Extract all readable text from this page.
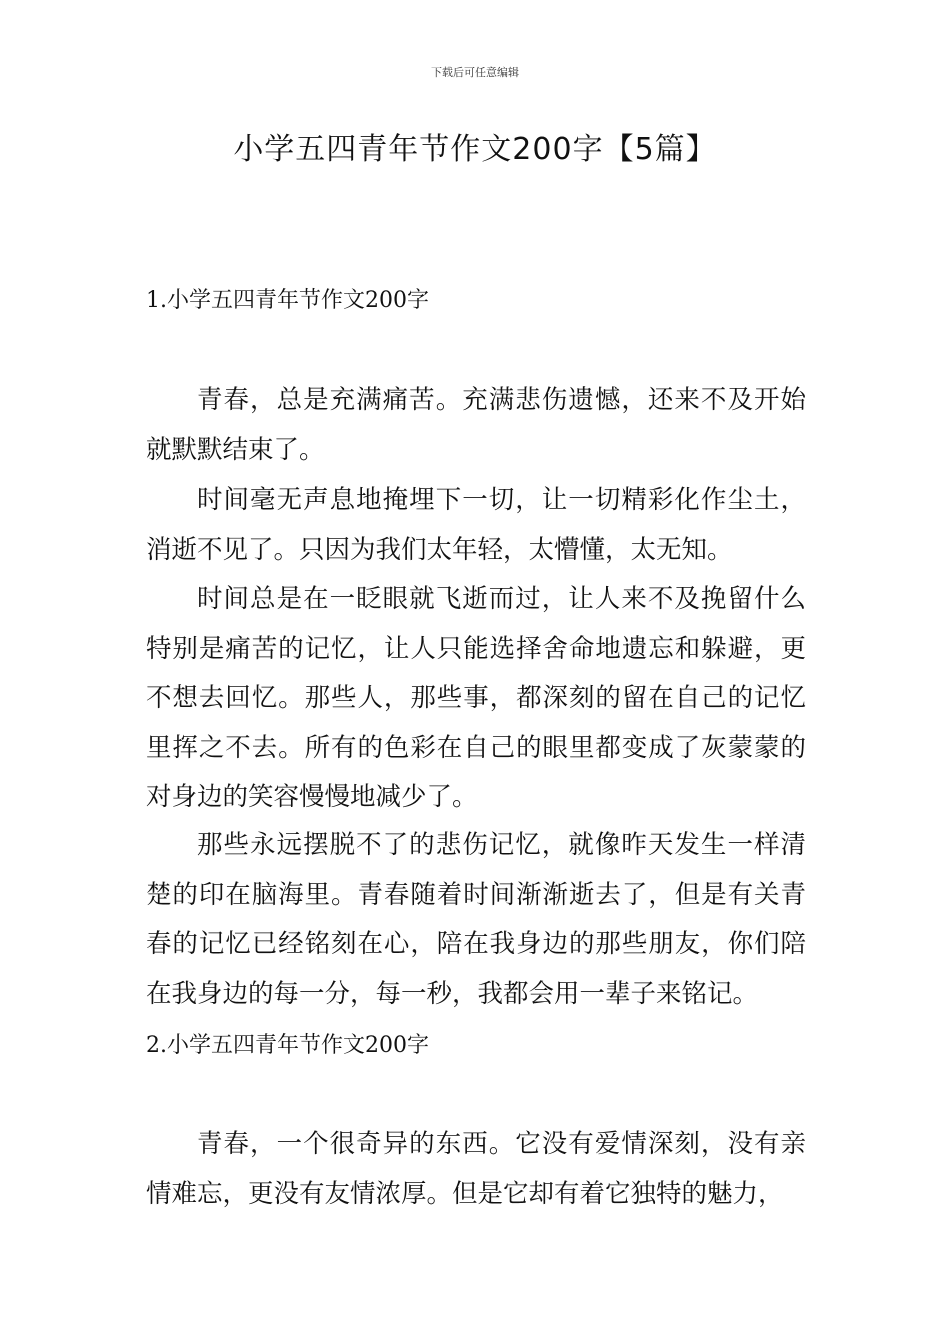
下载后可任意编辑
小学五四青年节作文200字【5篇】
1.小学五四青年节作文200字

青春，总是充满痛苦。充满悲伤遗憾，还来不及开始就默默结束了。

时间毫无声息地掩埋下一切，让一切精彩化作尘土，消逝不见了。只因为我们太年轻，太懵懂，太无知。

时间总是在一眨眼就飞逝而过，让人来不及挽留什么特别是痛苦的记忆，让人只能选择舍命地遗忘和躲避，更不想去回忆。那些人，那些事，都深刻的留在自己的记忆里挥之不去。所有的色彩在自己的眼里都变成了灰蒙蒙的对身边的笑容慢慢地减少了。

那些永远摆脱不了的悲伤记忆，就像昨天发生一样清楚的印在脑海里。青春随着时间渐渐逝去了，但是有关青春的记忆已经铭刻在心，陪在我身边的那些朋友，你们陪在我身边的每一分，每一秒，我都会用一辈子来铭记。

2.小学五四青年节作文200字

青春，一个很奇异的东西。它没有爱情深刻，没有亲情难忘，更没有友情浓厚。但是它却有着它独特的魅力，
